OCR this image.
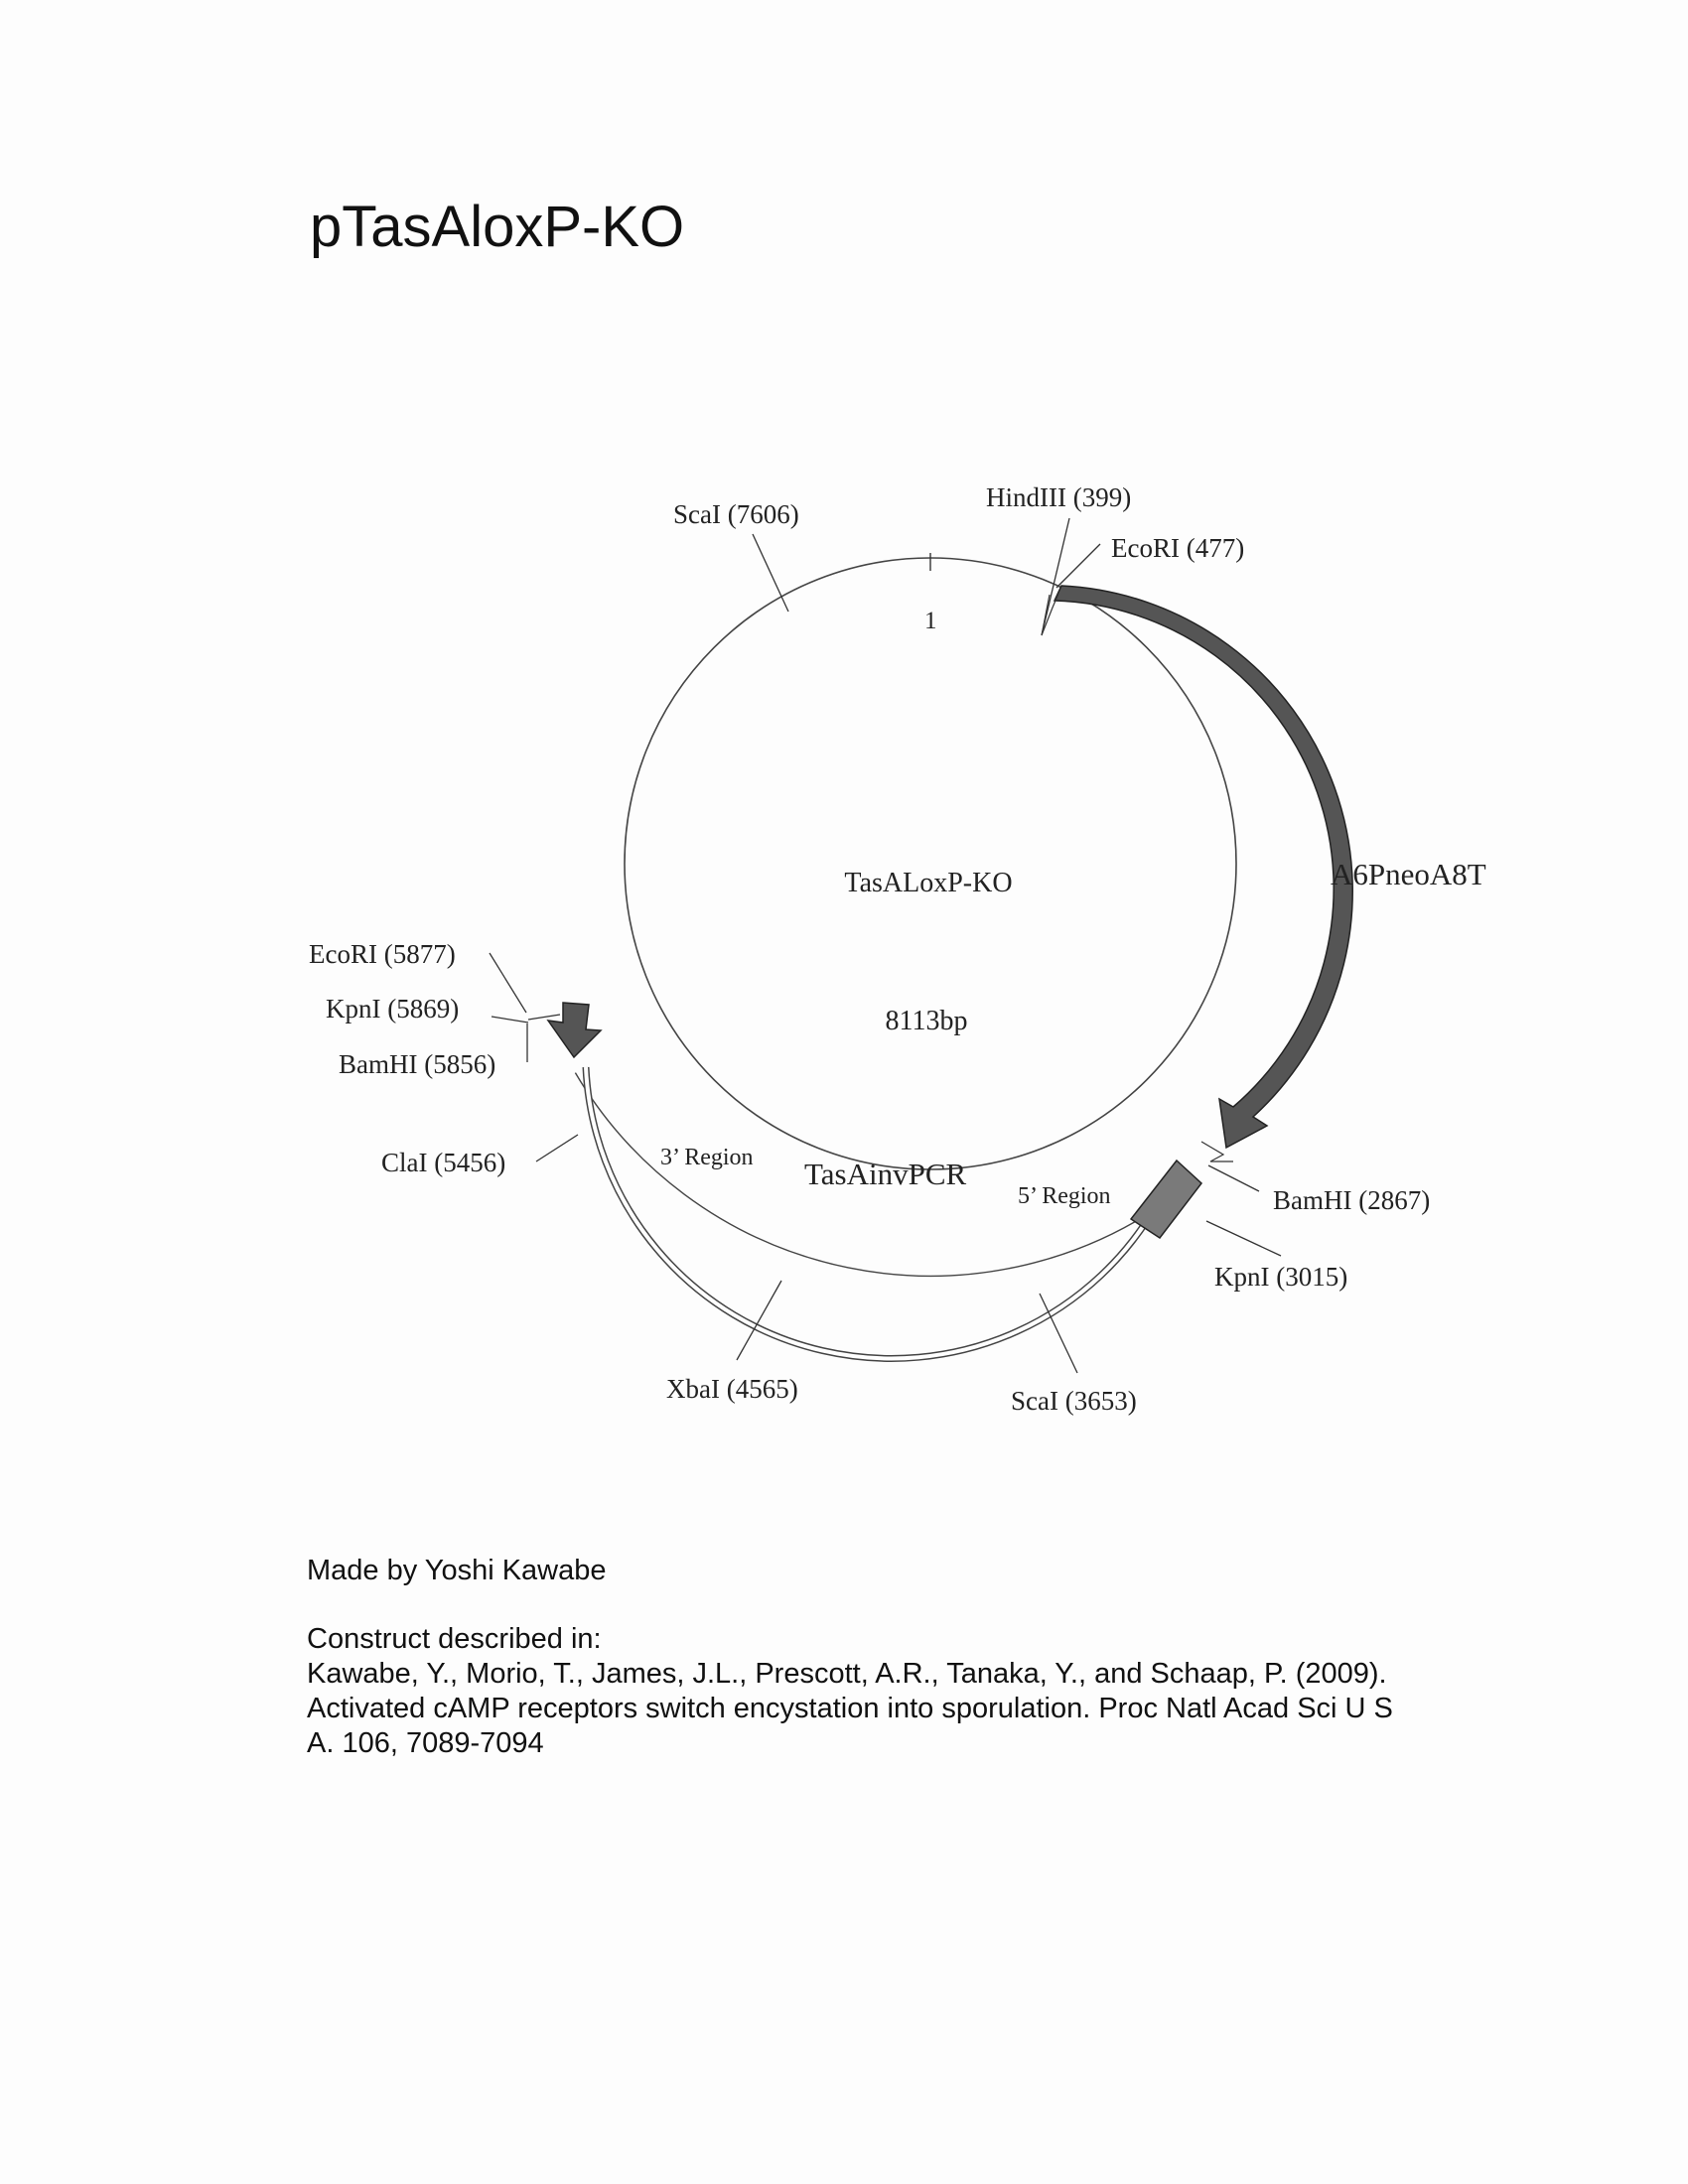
pTasAloxP-KO
1
ScaI (7606)
HindIII (399)
EcoRI (477)
EcoRI (5877)
KpnI (5869)
BamHI (5856)
ClaI (5456)
BamHI (2867)
KpnI (3015)
XbaI (4565)	ScaI (3653)
A6PneoA8T
TasAinvPCR
5’ Region
3’ Region
TasALoxP-KO
8113bp

Made by Yoshi Kawabe

Construct described in:

Kawabe, Y., Morio, T., James, J.L., Prescott, A.R., Tanaka, Y., and Schaap, P. (2009).

Activated cAMP receptors switch encystation into sporulation. Proc Natl Acad Sci U S

A. 106, 7089-7094
